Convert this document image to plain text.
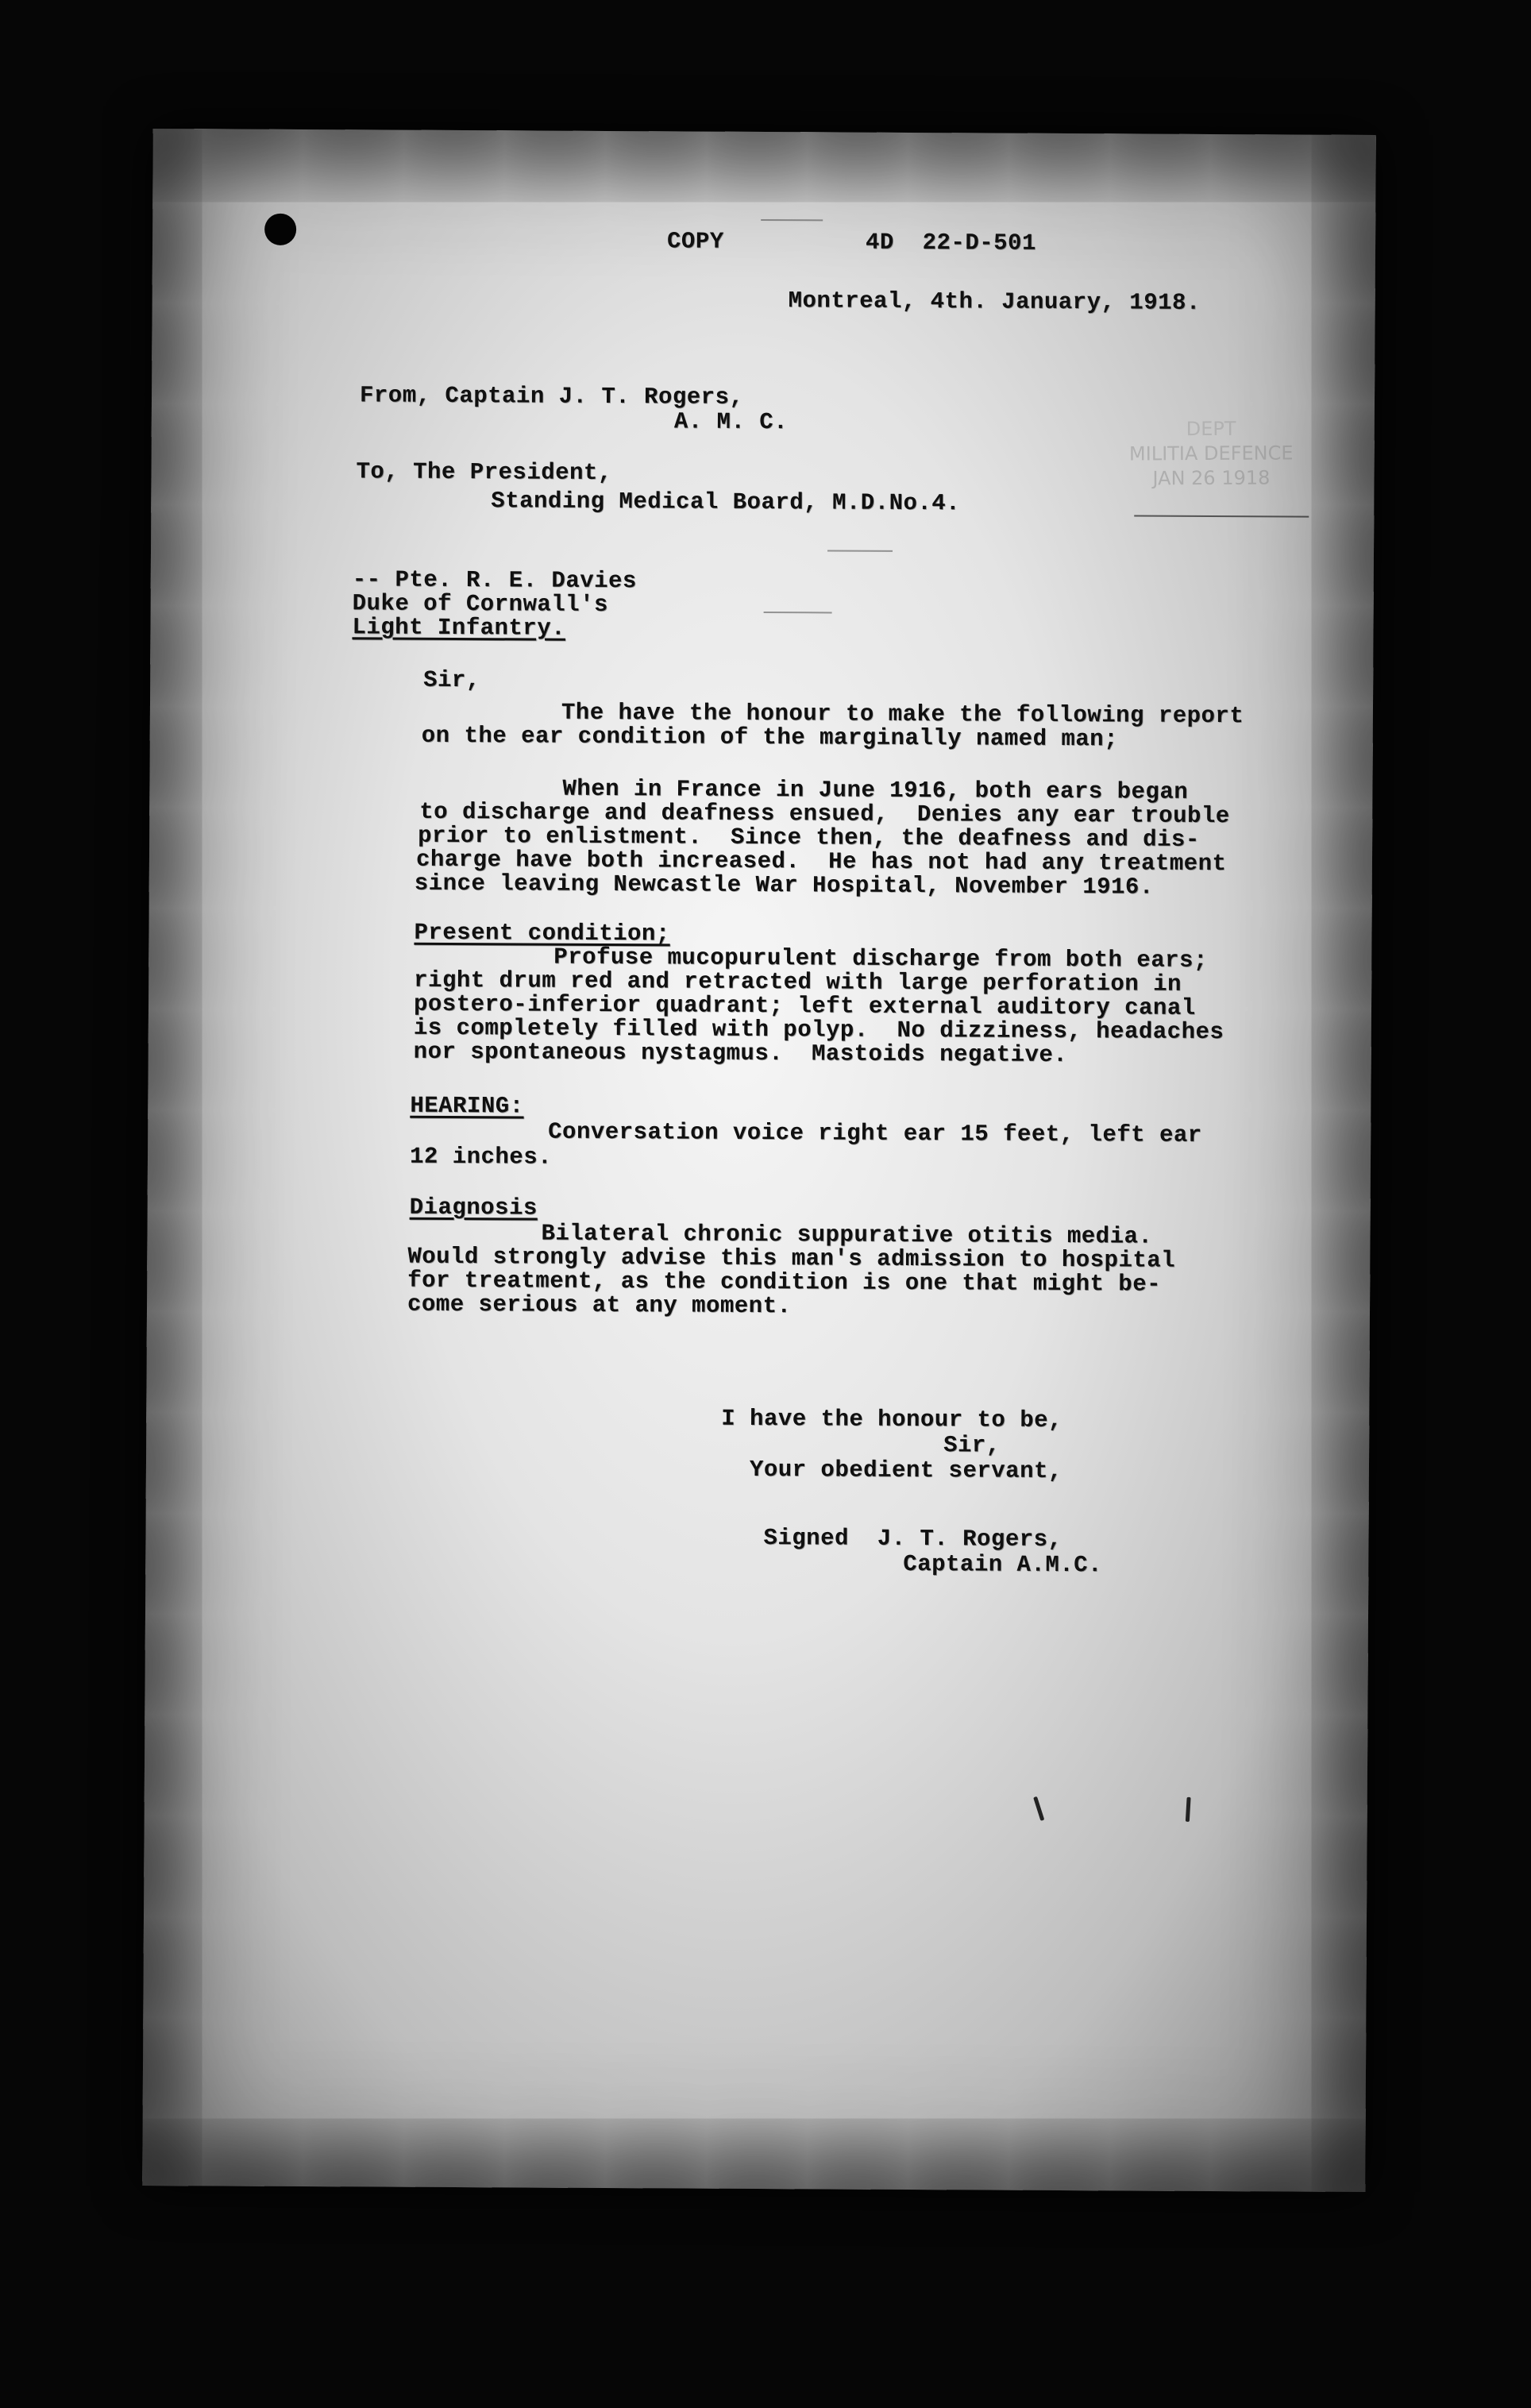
COPY	4D  22-D-501
Montreal, 4th. January, 1918.
From, Captain J. T. Rogers,
A. M. C.
To, The President,
Standing Medical Board, M.D.No.4.
DEPT
MILITIA DEFENCE
JAN 26 1918
-- Pte. R. E. Davies
Duke of Cornwall's
Light Infantry.
Sir,
The have the honour to make the following report
on the ear condition of the marginally named man;
When in France in June 1916, both ears began
to discharge and deafness ensued,  Denies any ear trouble
prior to enlistment.  Since then, the deafness and dis-
charge have both increased.  He has not had any treatment
since leaving Newcastle War Hospital, November 1916.
Present condition;
Profuse mucopurulent discharge from both ears;
right drum red and retracted with large perforation in
postero-inferior quadrant; left external auditory canal
is completely filled with polyp.  No dizziness, headaches
nor spontaneous nystagmus.  Mastoids negative.
HEARING:
Conversation voice right ear 15 feet, left ear
12 inches.
Diagnosis
Bilateral chronic suppurative otitis media.
Would strongly advise this man's admission to hospital
for treatment, as the condition is one that might be-
come serious at any moment.
I have the honour to be,
Sir,
Your obedient servant,
Signed  J. T. Rogers,
Captain A.M.C.
